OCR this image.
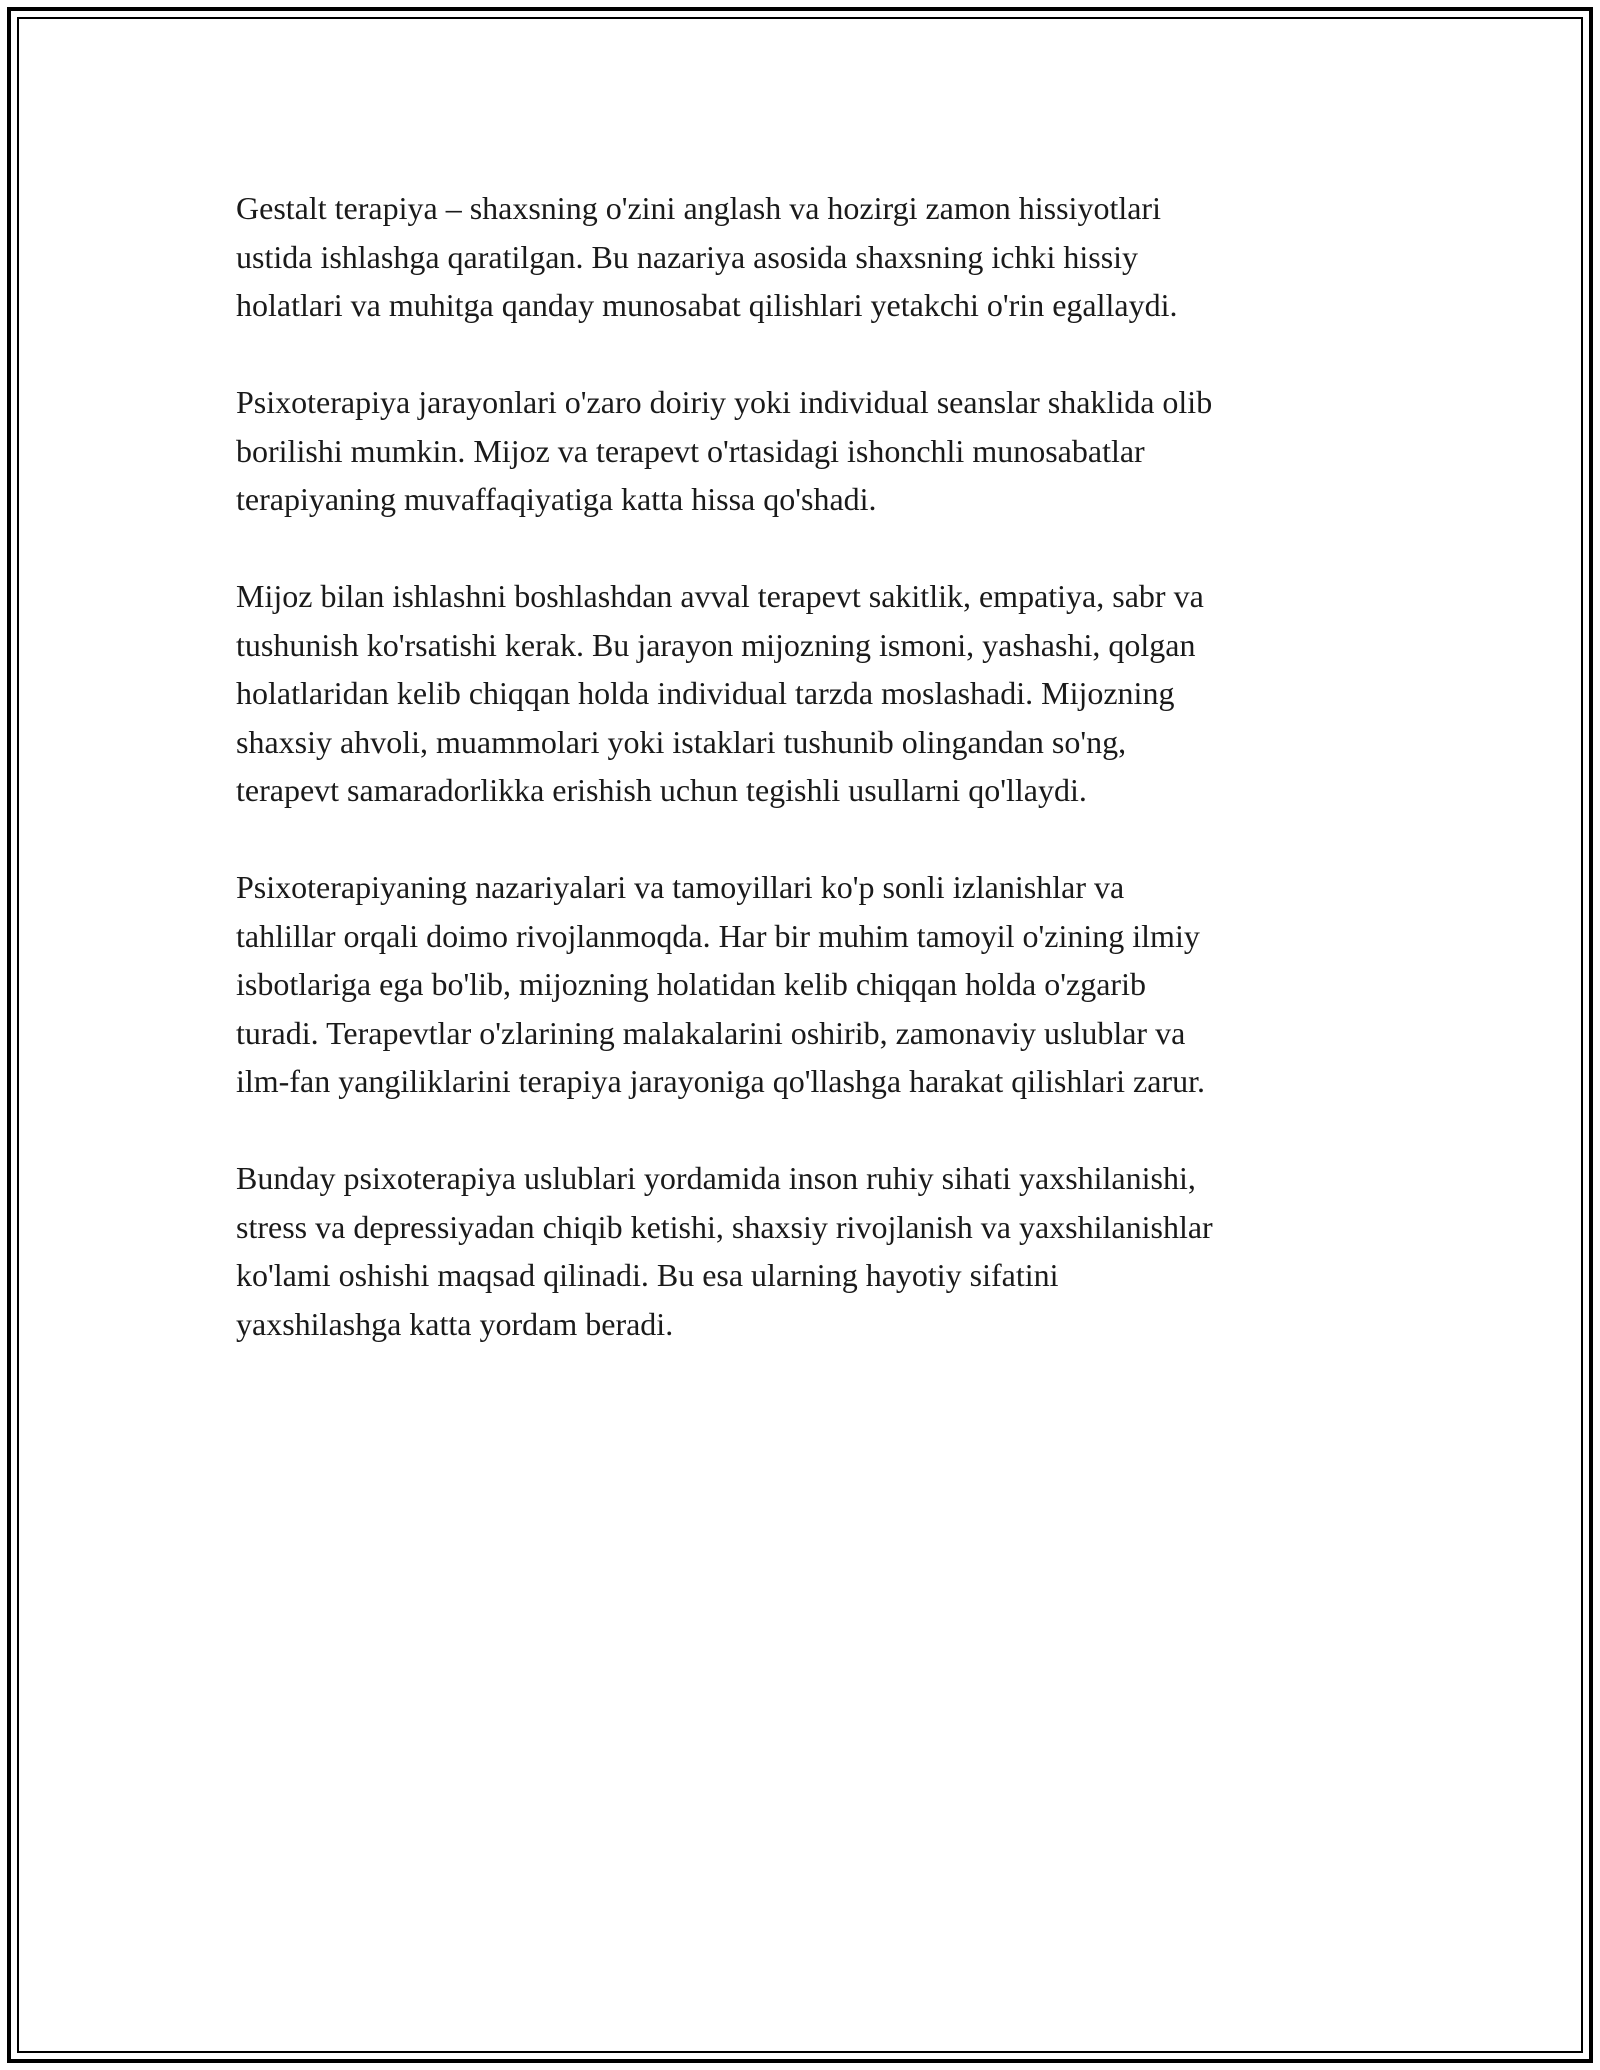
Gestalt terapiya – shaxsning o'zini anglash va hozirgi zamon hissiyotlari
ustida ishlashga qaratilgan. Bu nazariya asosida shaxsning ichki hissiy
holatlari va muhitga qanday munosabat qilishlari yetakchi o'rin egallaydi.

Psixoterapiya jarayonlari o'zaro doiriy yoki individual seanslar shaklida olib
borilishi mumkin. Mijoz va terapevt o'rtasidagi ishonchli munosabatlar
terapiyaning muvaffaqiyatiga katta hissa qo'shadi.

Mijoz bilan ishlashni boshlashdan avval terapevt sakitlik, empatiya, sabr va
tushunish ko'rsatishi kerak. Bu jarayon mijozning ismoni, yashashi, qolgan
holatlaridan kelib chiqqan holda individual tarzda moslashadi. Mijozning
shaxsiy ahvoli, muammolari yoki istaklari tushunib olingandan so'ng,
terapevt samaradorlikka erishish uchun tegishli usullarni qo'llaydi.

Psixoterapiyaning nazariyalari va tamoyillari ko'p sonli izlanishlar va
tahlillar orqali doimo rivojlanmoqda. Har bir muhim tamoyil o'zining ilmiy
isbotlariga ega bo'lib, mijozning holatidan kelib chiqqan holda o'zgarib
turadi. Terapevtlar o'zlarining malakalarini oshirib, zamonaviy uslublar va
ilm-fan yangiliklarini terapiya jarayoniga qo'llashga harakat qilishlari zarur.

Bunday psixoterapiya uslublari yordamida inson ruhiy sihati yaxshilanishi,
stress va depressiyadan chiqib ketishi, shaxsiy rivojlanish va yaxshilanishlar
ko'lami oshishi maqsad qilinadi. Bu esa ularning hayotiy sifatini
yaxshilashga katta yordam beradi.
